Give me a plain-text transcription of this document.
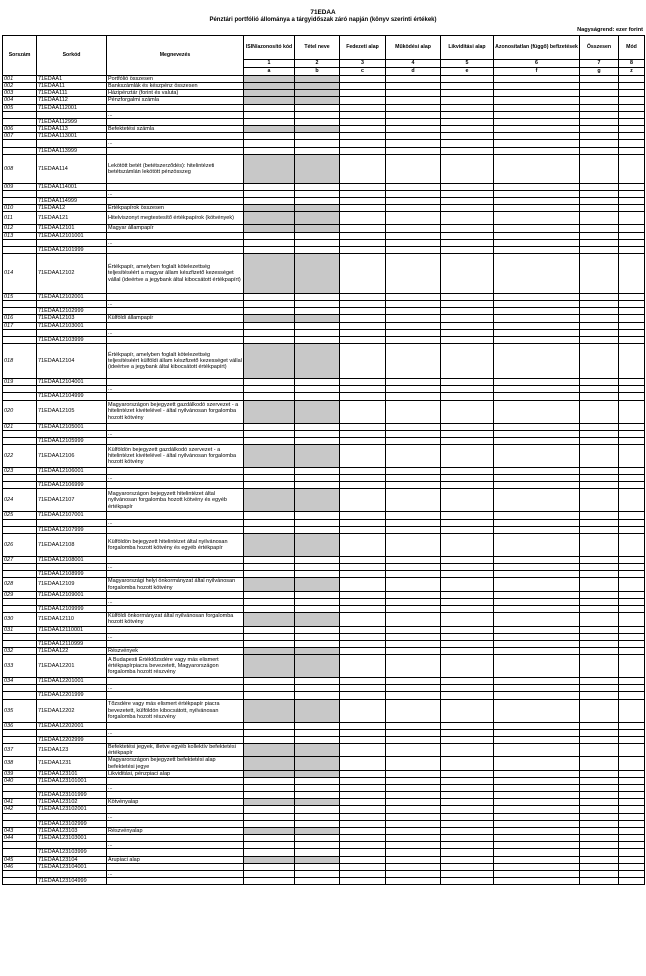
71EDAA
Pénztári portfólió állománya a tárgyidőszak záró napján (könyv szerinti értékek)
Nagyságrend: ezer forint
Sorszám	Sorkód	Megnevezés	ISIN/azonosító kód	Tétel neve	Fedezeti alap	Működési alap	Likviditási alap	Azonosítatlan (függő) befizetések	Összesen	Mód
			1	2	3	4	5	6	7	8
			a	b	c	d	e	f	g	z
001	71EDAA1	Portfólió összesen								
002	71EDAA11	Bankszámlák és készpénz összesen								
003	71EDAA111	Házipénztár (forint és valuta)								
004	71EDAA112	Pénzforgalmi számla								
005	71EDAA112001									
		...								
	71EDAA112999									
006	71EDAA113	Befektetési számla								
007	71EDAA113001									
		...								
	71EDAA113999									
008	71EDAA114	Lekötött betét (betétszerződés): hitelintézeti betétszámlán lekötött pénzösszeg								
009	71EDAA114001									
		...								
	71EDAA114999									
010	71EDAA12	Értékpapírok összesen								
011	71EDAA121	Hitelviszonyt megtestesítő értékpapírok (kötvények)								
012	71EDAA12101	Magyar állampapír								
013	71EDAA12101001									
		...								
	71EDAA12101999									
014	71EDAA12102	Értékpapír, amelyben foglalt kötelezettség teljesítéséért a magyar állam készfizető kezességet vállal (ideértve a jegybank által kibocsátott értékpapírt)								
015	71EDAA12102001									
		...								
	71EDAA12102999									
016	71EDAA12103	Külföldi állampapír								
017	71EDAA12103001									
		...								
	71EDAA12103999									
018	71EDAA12104	Értékpapír, amelyben foglalt kötelezettség teljesítéséért külföldi állam készfizető kezességet vállal (ideértve a jegybank által kibocsátott értékpapírt)								
019	71EDAA12104001									
		...								
	71EDAA12104999									
020	71EDAA12105	Magyarországon bejegyzett gazdálkodó szervezet - a hitelintézet kivételével - által nyilvánosan forgalomba hozott kötvény								
021	71EDAA12105001									
		...								
	71EDAA12105999									
022	71EDAA12106	Külföldön bejegyzett gazdálkodó szervezet - a hitelintézet kivételével - által nyilvánosan forgalomba hozott kötvény								
023	71EDAA12106001									
		...								
	71EDAA12106999									
024	71EDAA12107	Magyarországon bejegyzett hitelintézet által nyilvánosan forgalomba hozott kötvény és egyéb értékpapír								
025	71EDAA12107001									
		...								
	71EDAA12107999									
026	71EDAA12108	Külföldön bejegyzett hitelintézet által nyilvánosan forgalomba hozott kötvény és egyéb értékpapír								
027	71EDAA12108001									
		...								
	71EDAA12108999									
028	71EDAA12109	Magyarországi helyi önkormányzat által nyilvánosan forgalomba hozott kötvény								
029	71EDAA12109001									
		...								
	71EDAA12109999									
030	71EDAA12110	Külföldi önkormányzat által nyilvánosan forgalomba hozott kötvény								
031	71EDAA12110001									
		...								
	71EDAA12110999									
032	71EDAA122	Részvények								
033	71EDAA12201	A Budapesti Értéktőzsdére vagy más elismert értékpapírpiacra bevezetett, Magyarországon forgalomba hozott részvény								
034	71EDAA12201001									
		...								
	71EDAA12201999									
035	71EDAA12202	Tőzsdére vagy más elismert értékpapír piacra bevezetett, külföldön kibocsátott, nyilvánosan forgalomba hozott részvény								
036	71EDAA12202001									
		...								
	71EDAA12202999									
037	71EDAA123	Befektetési jegyek, illetve egyéb kollektív befektetési értékpapír								
038	71EDAA1231	Magyarországon bejegyzett befektetési alap befektetési jegye								
039	71EDAA123101	Likviditási, pénzpiaci alap								
040	71EDAA123101001									
		...								
	71EDAA123101999									
041	71EDAA123102	Kötvényalap								
042	71EDAA123102001									
		...								
	71EDAA123102999									
043	71EDAA123103	Részvényalap								
044	71EDAA123103001									
		...								
	71EDAA123103999									
045	71EDAA123104	Árupiaci alap								
046	71EDAA123104001									
		...								
	71EDAA123104999									
